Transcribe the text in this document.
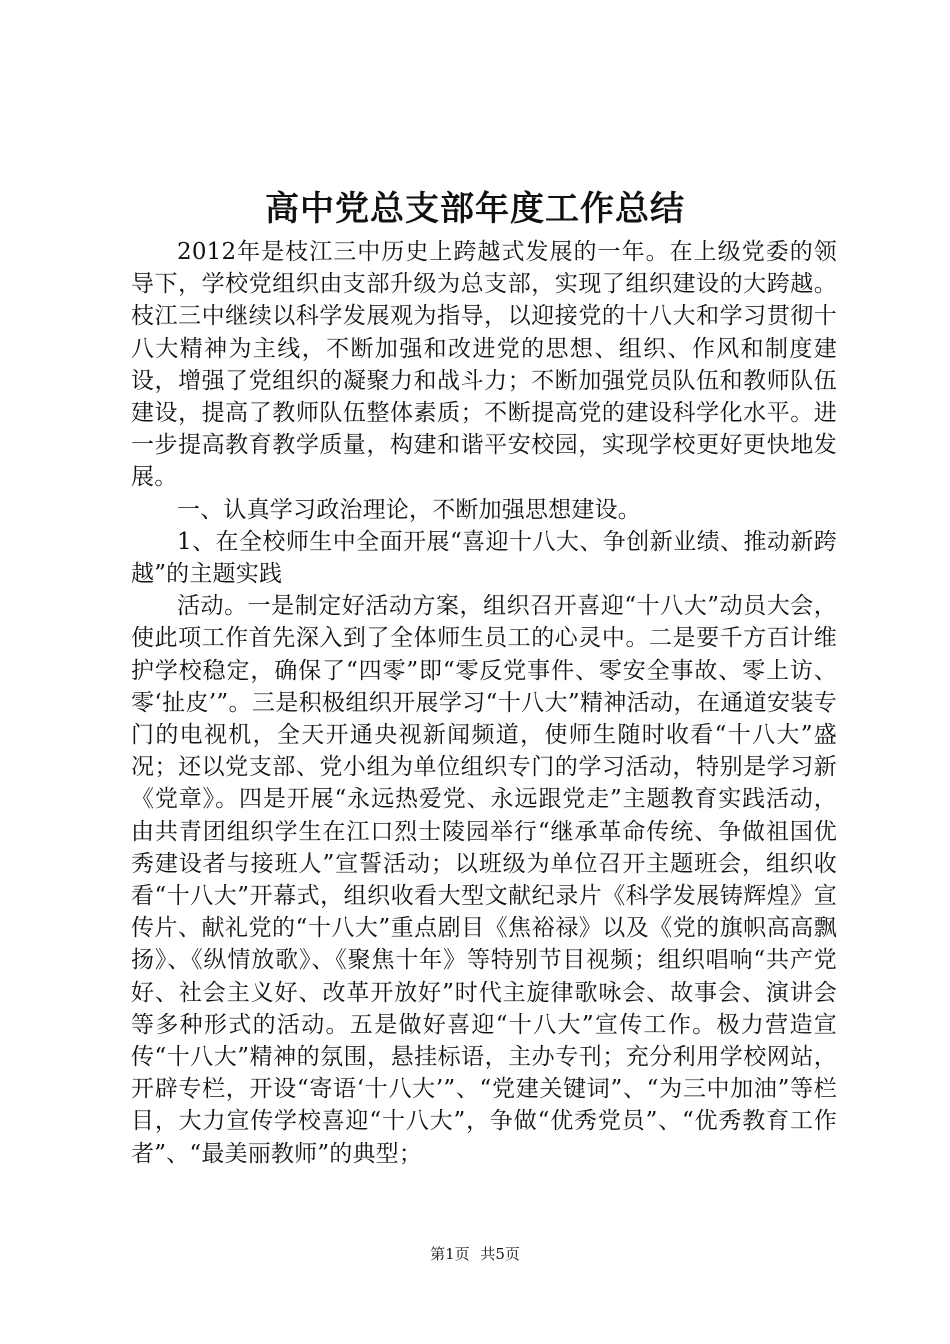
高中党总支部年度工作总结

2012年是枝江三中历史上跨越式发展的一年。在上级党委的领导下，学校党组织由支部升级为总支部，实现了组织建设的大跨越。枝江三中继续以科学发展观为指导，以迎接党的十八大和学习贯彻十八大精神为主线，不断加强和改进党的思想、组织、作风和制度建设，增强了党组织的凝聚力和战斗力；不断加强党员队伍和教师队伍建设，提高了教师队伍整体素质；不断提高党的建设科学化水平。进一步提高教育教学质量，构建和谐平安校园，实现学校更好更快地发展。

一、认真学习政治理论，不断加强思想建设。

1、在全校师生中全面开展“喜迎十八大、争创新业绩、推动新跨越”的主题实践

活动。一是制定好活动方案，组织召开喜迎“十八大”动员大会，使此项工作首先深入到了全体师生员工的心灵中。二是要千方百计维护学校稳定，确保了“四零”即“零反党事件、零安全事故、零上访、零‘扯皮’”。三是积极组织开展学习“十八大”精神活动，在通道安装专门的电视机，全天开通央视新闻频道，使师生随时收看“十八大”盛况；还以党支部、党小组为单位组织专门的学习活动，特别是学习新《党章》。四是开展“永远热爱党、永远跟党走”主题教育实践活动，由共青团组织学生在江口烈士陵园举行“继承革命传统、争做祖国优秀建设者与接班人”宣誓活动；以班级为单位召开主题班会，组织收看“十八大”开幕式，组织收看大型文献纪录片《科学发展铸辉煌》宣传片、献礼党的“十八大”重点剧目《焦裕禄》以及《党的旗帜高高飘扬》、《纵情放歌》、《聚焦十年》等特别节目视频；组织唱响“共产党好、社会主义好、改革开放好”时代主旋律歌咏会、故事会、演讲会等多种形式的活动。五是做好喜迎“十八大”宣传工作。极力营造宣传“十八大”精神的氛围，悬挂标语，主办专刊；充分利用学校网站，开辟专栏，开设“寄语‘十八大’”、“党建关键词”、“为三中加油”等栏目，大力宣传学校喜迎“十八大”，争做“优秀党员”、“优秀教育工作者”、“最美丽教师”的典型；

第1页 共5页
